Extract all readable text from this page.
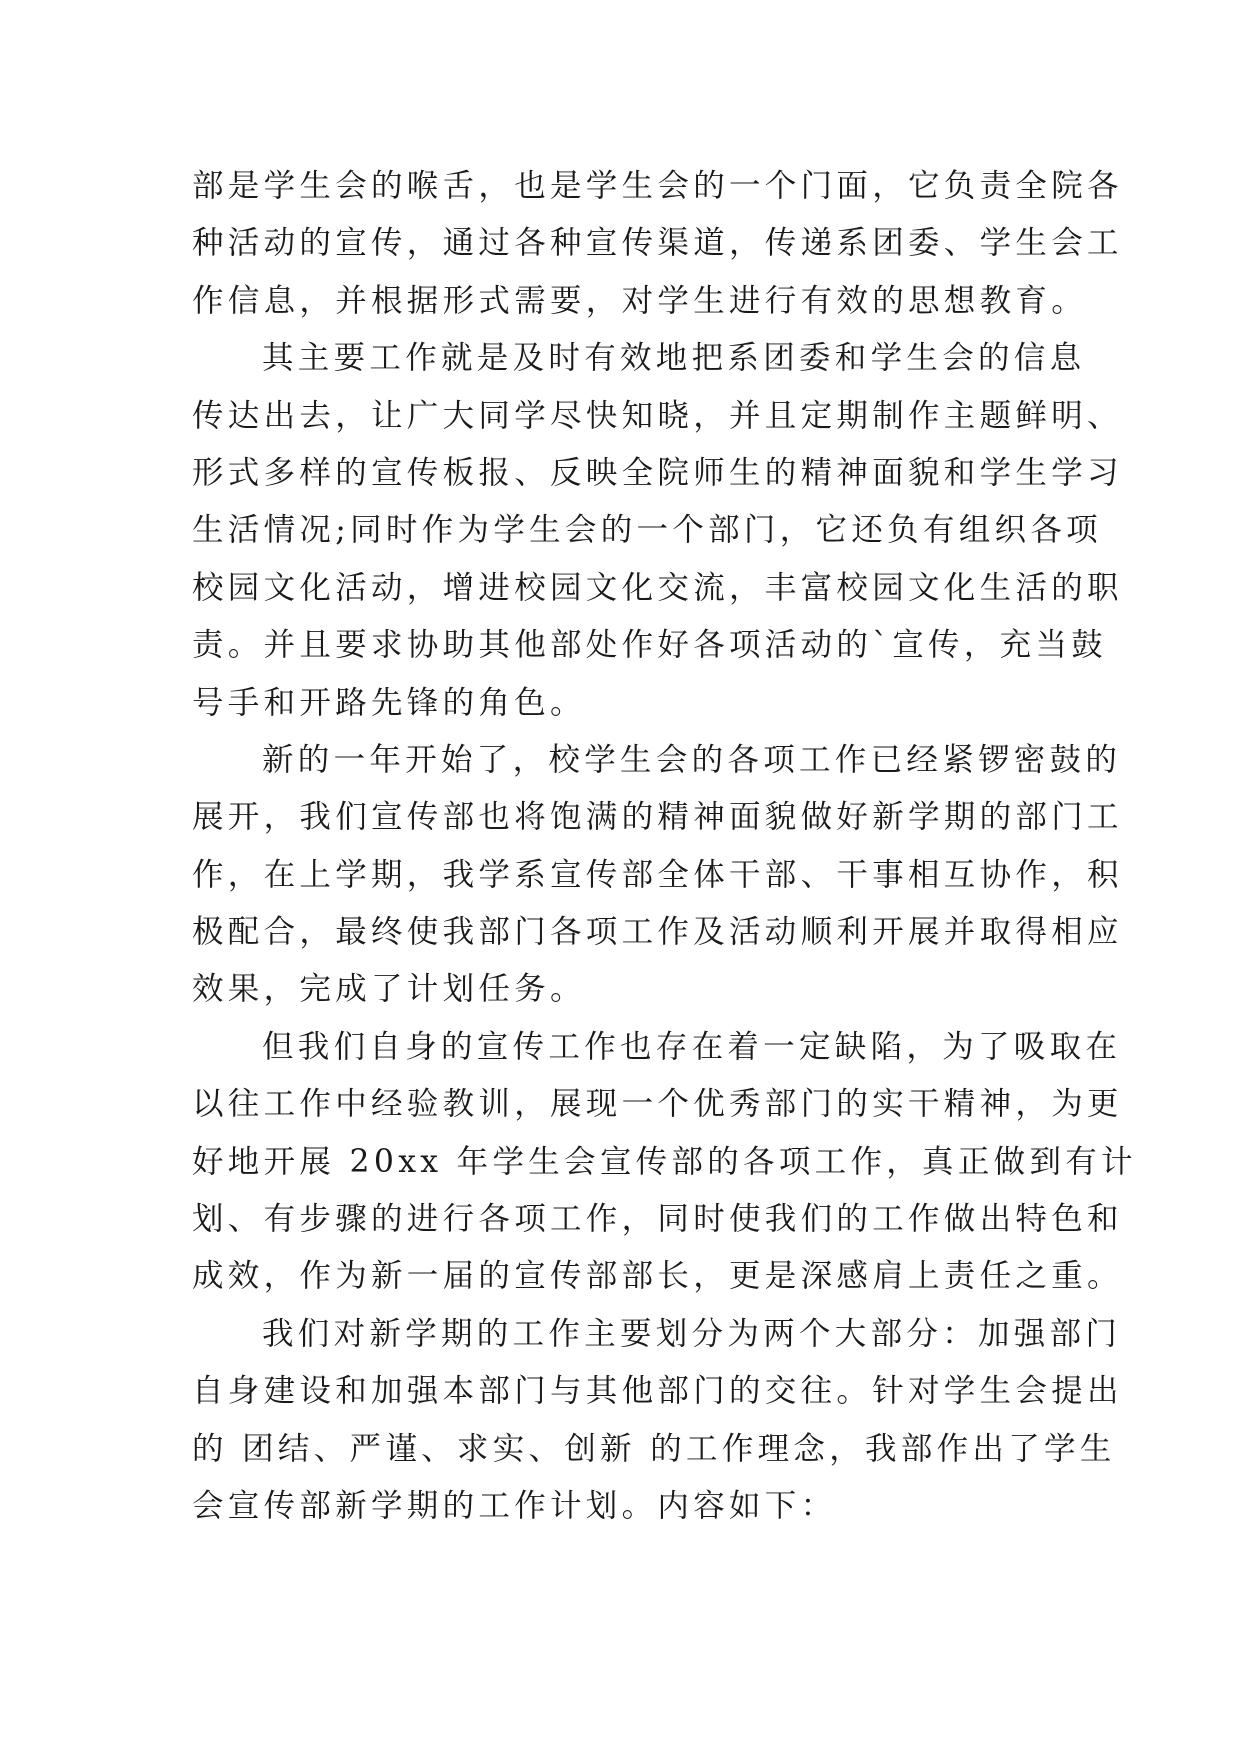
部是学生会的喉舌，也是学生会的一个门面，它负责全院各
种活动的宣传，通过各种宣传渠道，传递系团委、学生会工
作信息，并根据形式需要，对学生进行有效的思想教育。
其主要工作就是及时有效地把系团委和学生会的信息
传达出去，让广大同学尽快知晓，并且定期制作主题鲜明、
形式多样的宣传板报、反映全院师生的精神面貌和学生学习
生活情况;同时作为学生会的一个部门，它还负有组织各项
校园文化活动，增进校园文化交流，丰富校园文化生活的职
责。并且要求协助其他部处作好各项活动的`宣传，充当鼓
号手和开路先锋的角色。
新的一年开始了，校学生会的各项工作已经紧锣密鼓的
展开，我们宣传部也将饱满的精神面貌做好新学期的部门工
作，在上学期，我学系宣传部全体干部、干事相互协作，积
极配合，最终使我部门各项工作及活动顺利开展并取得相应
效果，完成了计划任务。
但我们自身的宣传工作也存在着一定缺陷，为了吸取在
以往工作中经验教训，展现一个优秀部门的实干精神，为更
好地开展 20xx 年学生会宣传部的各项工作，真正做到有计
划、有步骤的进行各项工作，同时使我们的工作做出特色和
成效，作为新一届的宣传部部长，更是深感肩上责任之重。
我们对新学期的工作主要划分为两个大部分：加强部门
自身建设和加强本部门与其他部门的交往。针对学生会提出
的 团结、严谨、求实、创新 的工作理念，我部作出了学生
会宣传部新学期的工作计划。内容如下：
